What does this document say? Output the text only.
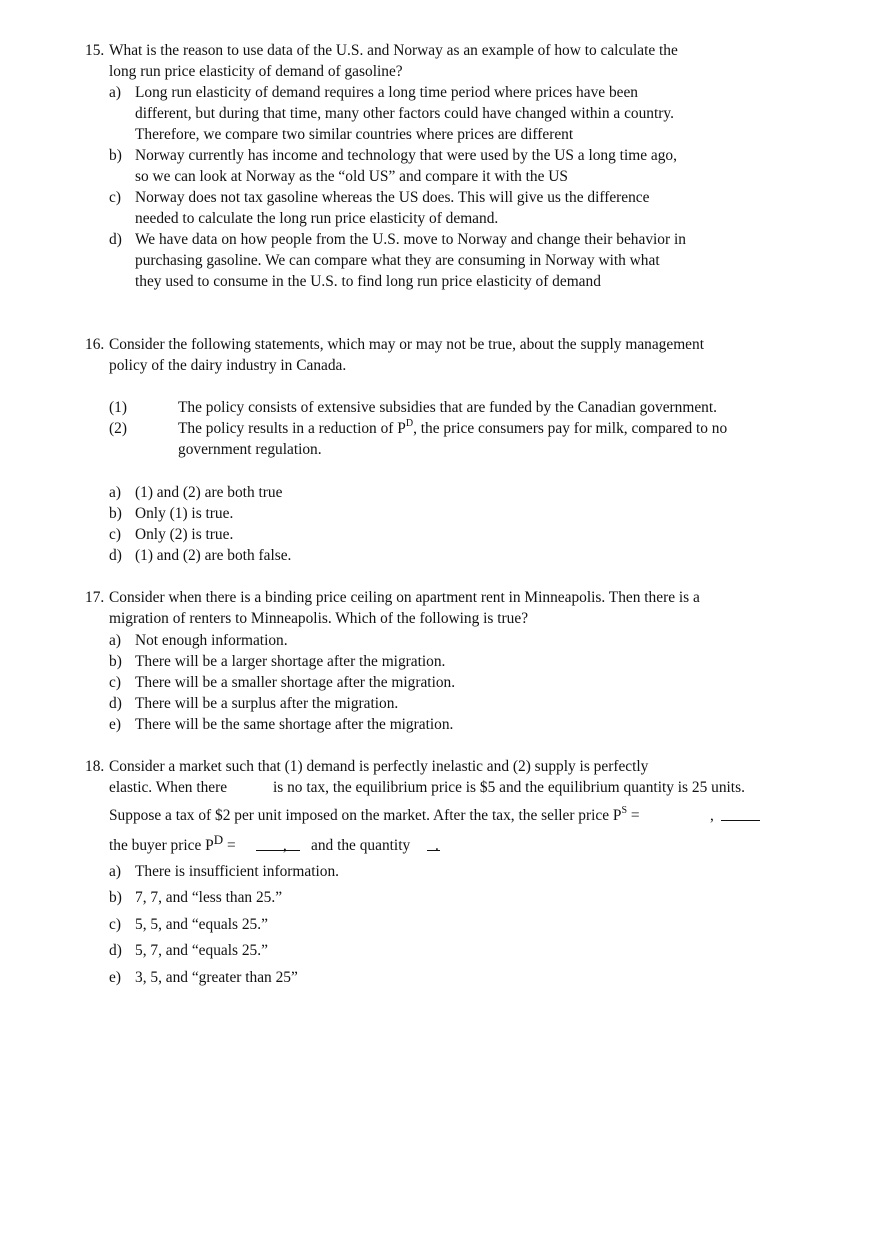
15. What is the reason to use data of the U.S. and Norway as an example of how to calculate the
long run price elasticity of demand of gasoline?
a) Long run elasticity of demand requires a long time period where prices have been
different, but during that time, many other factors could have changed within a country.
Therefore, we compare two similar countries where prices are different
b) Norway currently has income and technology that were used by the US a long time ago,
so we can look at Norway as the “old US” and compare it with the US
c) Norway does not tax gasoline whereas the US does. This will give us the difference
needed to calculate the long run price elasticity of demand.
d) We have data on how people from the U.S. move to Norway and change their behavior in
purchasing gasoline. We can compare what they are consuming in Norway with what
they used to consume in the U.S. to find long run price elasticity of demand
16. Consider the following statements, which may or may not be true, about the supply management
policy of the dairy industry in Canada.
(1)	The policy consists of extensive subsidies that are funded by the Canadian government.
(2)	The policy results in a reduction of $P^D$, the price consumers pay for milk, compared to no
government regulation.
a) (1) and (2) are both true
b) Only (1) is true.
c) Only (2) is true.
d) (1) and (2) are both false.
17. Consider when there is a binding price ceiling on apartment rent in Minneapolis. Then there is a
migration of renters to Minneapolis. Which of the following is true?
a) Not enough information.
b) There will be a larger shortage after the migration.
c) There will be a smaller shortage after the migration.
d) There will be a surplus after the migration.
e) There will be the same shortage after the migration.
18. Consider a market such that (1) demand is perfectly inelastic and (2) supply is perfectly
elastic. When there	is no tax, the equilibrium price is $5 and the equilibrium quantity is 25 units.
Suppose a tax of $2 per unit imposed on the market. After the tax, the seller price $P^S$ =	,
the buyer price $P^D$ =	, and the quantity .
a) There is insufficient information.
b) 7, 7, and “less than 25.”
c) 5, 5, and “equals 25.”
d) 5, 7, and “equals 25.”
e) 3, 5, and “greater than 25”
